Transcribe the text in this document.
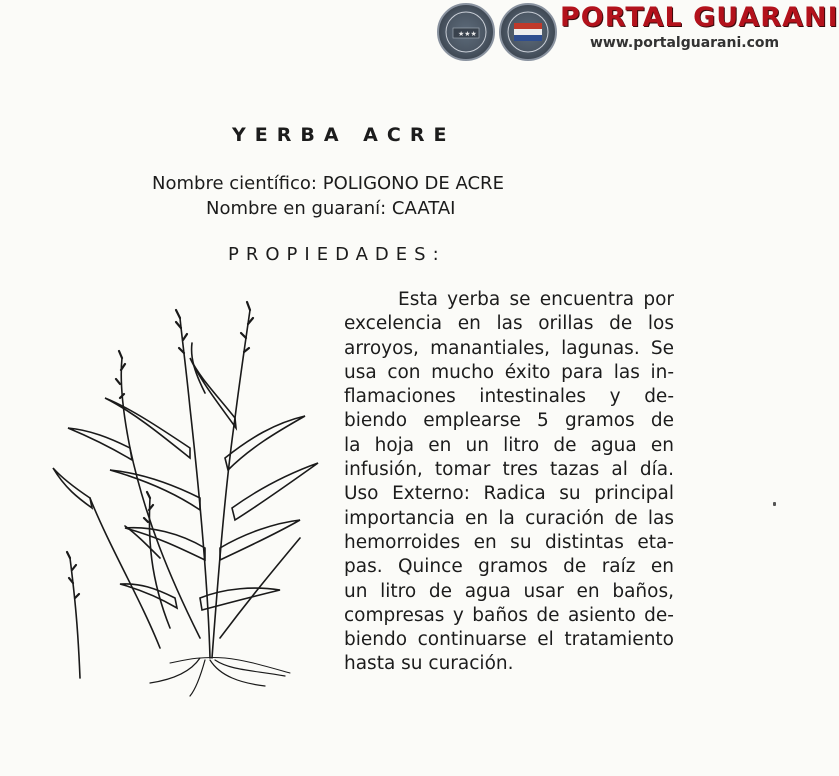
★★★
PORTAL GUARANI
www.portalguarani.com
YERBA ACRE
Nombre científico: POLIGONO DE ACRE
Nombre en guaraní: CAATAI
PROPIEDADES:
Esta yerba se encuentra por
excelencia en las orillas de los
arroyos, manantiales, lagunas. Se
usa con mucho éxito para las in-
flamaciones intestinales y de-
biendo emplearse 5 gramos de
la hoja en un litro de agua en
infusión, tomar tres tazas al día.
Uso Externo: Radica su principal
importancia en la curación de las
hemorroides en su distintas eta-
pas. Quince gramos de raíz en
un litro de agua usar en baños,
compresas y baños de asiento de-
biendo continuarse el tratamiento
hasta su curación.
